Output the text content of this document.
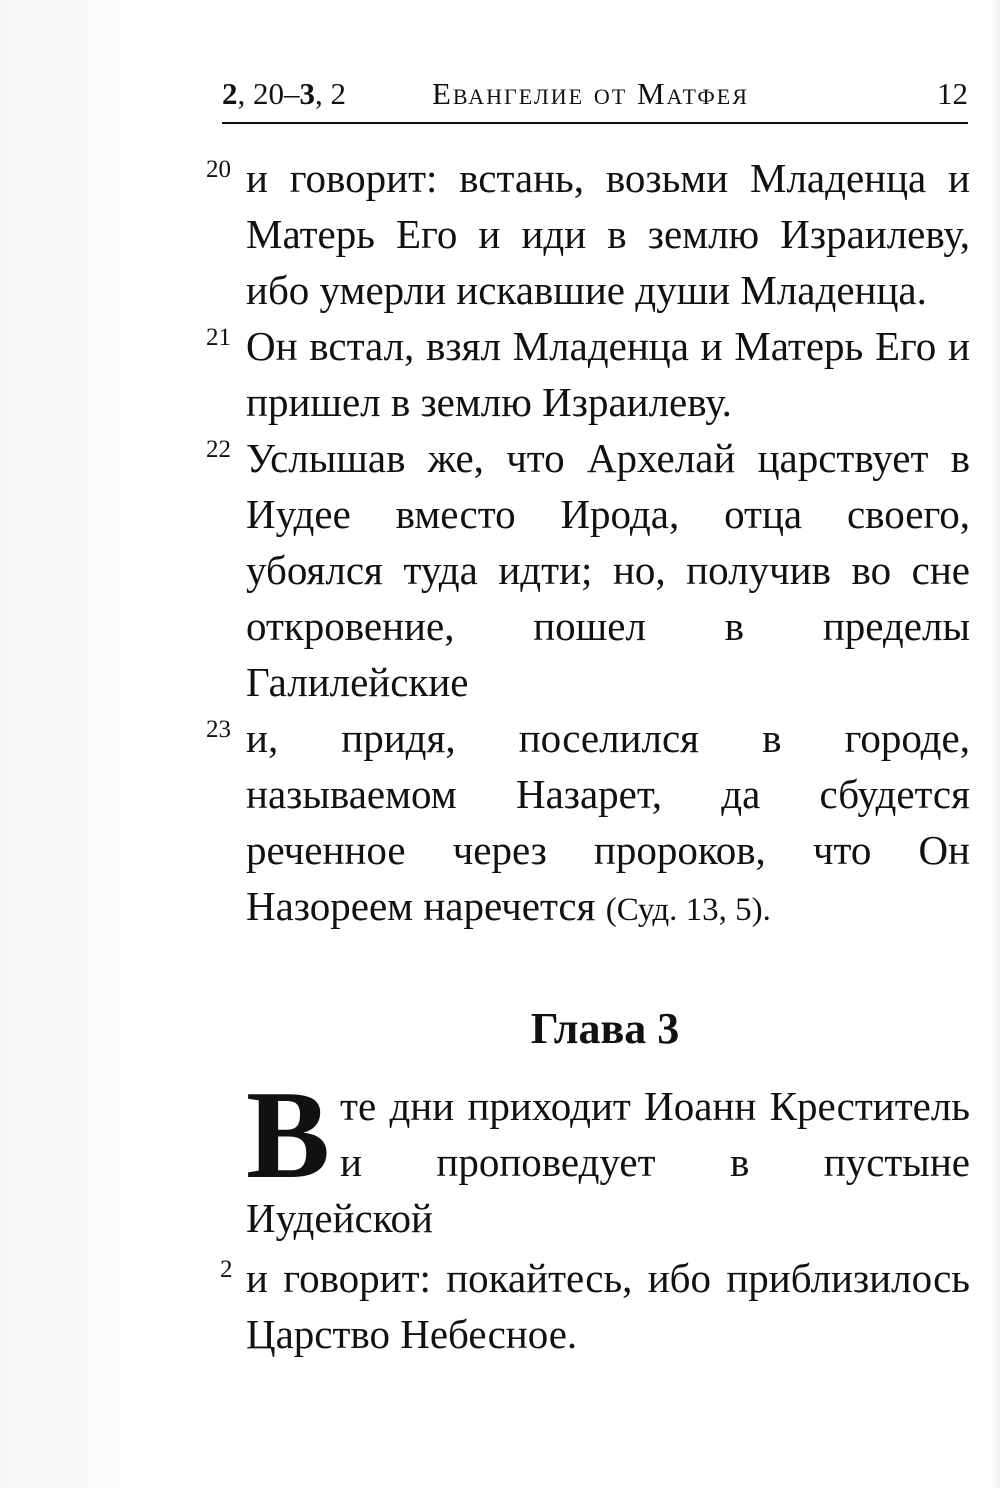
2, 20–3, 2	Евангелие от Матфея	12
20 и говорит: встань, возьми Младенца и Матерь Его и иди в землю Израилеву, ибо умерли искавшие души Младенца.
21 Он встал, взял Младенца и Матерь Его и пришел в землю Израилеву.
22 Услышав же, что Архелай царствует в Иудее вместо Ирода, отца своего, убоялся туда идти; но, получив во сне откровение, пошел в пределы Галилейские
23 и, придя, поселился в городе, называемом Назарет, да сбудется реченное через пророков, что Он Назореем наречется (Суд. 13, 5).
Глава 3
В те дни приходит Иоанн Креститель и проповедует в пустыне Иудейской
2 и говорит: покайтесь, ибо приблизилось Царство Небесное.
